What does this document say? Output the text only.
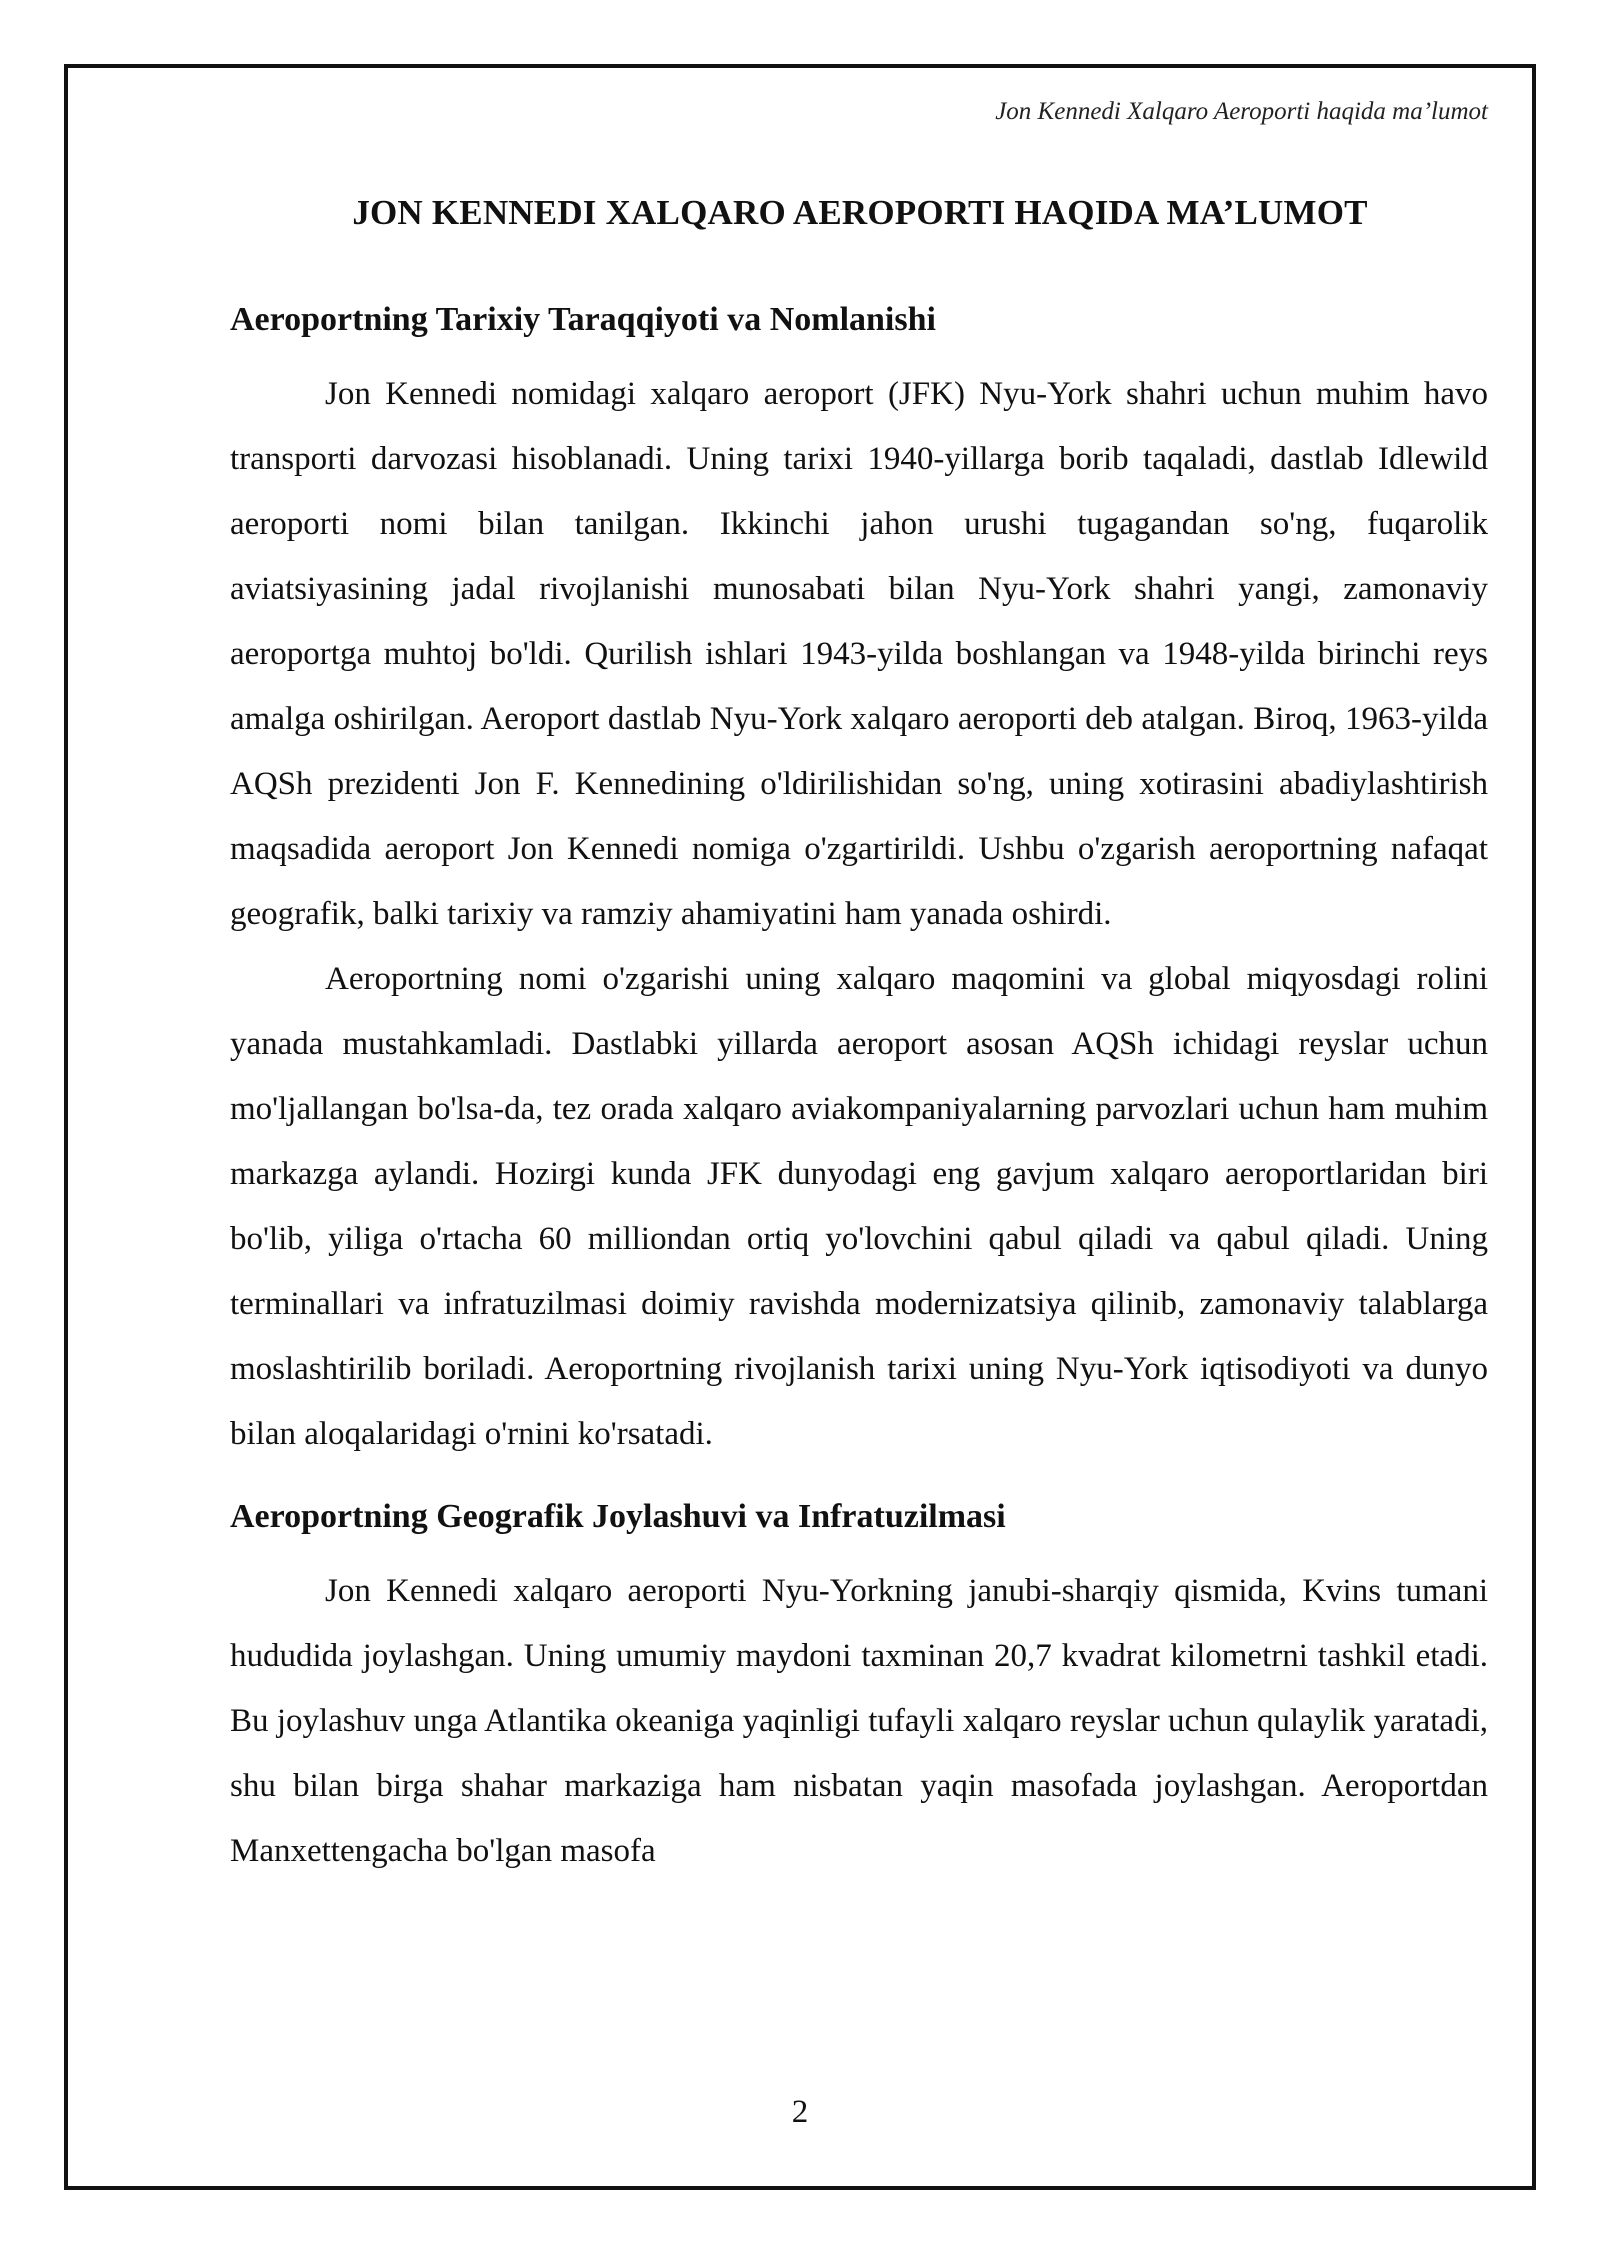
Jon Kennedi Xalqaro Aeroporti haqida ma’lumot
JON KENNEDI XALQARO AEROPORTI HAQIDA MA’LUMOT
Aeroportning Tarixiy Taraqqiyoti va Nomlanishi

Jon Kennedi nomidagi xalqaro aeroport (JFK) Nyu-York shahri uchun muhim havo transporti darvozasi hisoblanadi. Uning tarixi 1940-yillarga borib taqaladi, dastlab Idlewild aeroporti nomi bilan tanilgan. Ikkinchi jahon urushi tugagandan so'ng, fuqarolik aviatsiyasining jadal rivojlanishi munosabati bilan Nyu-York shahri yangi, zamonaviy aeroportga muhtoj bo'ldi. Qurilish ishlari 1943-yilda boshlangan va 1948-yilda birinchi reys amalga oshirilgan. Aeroport dastlab Nyu-York xalqaro aeroporti deb atalgan. Biroq, 1963-yilda AQSh prezidenti Jon F. Kennedining o'ldirilishidan so'ng, uning xotirasini abadiylashtirish maqsadida aeroport Jon Kennedi nomiga o'zgartirildi. Ushbu o'zgarish aeroportning nafaqat geografik, balki tarixiy va ramziy ahamiyatini ham yanada oshirdi.

Aeroportning nomi o'zgarishi uning xalqaro maqomini va global miqyosdagi rolini yanada mustahkamladi. Dastlabki yillarda aeroport asosan AQSh ichidagi reyslar uchun mo'ljallangan bo'lsa-da, tez orada xalqaro aviakompaniyalarning parvozlari uchun ham muhim markazga aylandi. Hozirgi kunda JFK dunyodagi eng gavjum xalqaro aeroportlaridan biri bo'lib, yiliga o'rtacha 60 milliondan ortiq yo'lovchini qabul qiladi va qabul qiladi. Uning terminallari va infratuzilmasi doimiy ravishda modernizatsiya qilinib, zamonaviy talablarga moslashtirilib boriladi. Aeroportning rivojlanish tarixi uning Nyu-York iqtisodiyoti va dunyo bilan aloqalaridagi o'rnini ko'rsatadi.

Aeroportning Geografik Joylashuvi va Infratuzilmasi

Jon Kennedi xalqaro aeroporti Nyu-Yorkning janubi-sharqiy qismida, Kvins tumani hududida joylashgan. Uning umumiy maydoni taxminan 20,7 kvadrat kilometrni tashkil etadi. Bu joylashuv unga Atlantika okeaniga yaqinligi tufayli xalqaro reyslar uchun qulaylik yaratadi, shu bilan birga shahar markaziga ham nisbatan yaqin masofada joylashgan. Aeroportdan Manxettengacha bo'lgan masofa

2
